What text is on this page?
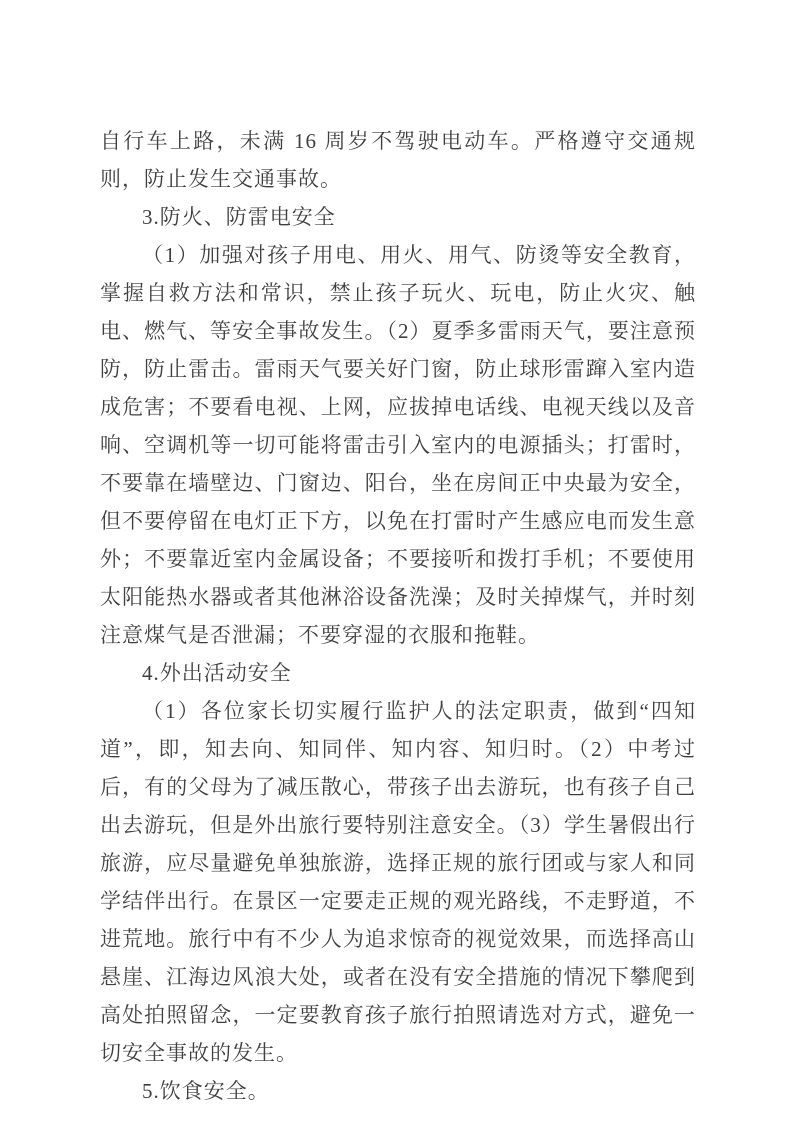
自行车上路，未满 16 周岁不驾驶电动车。严格遵守交通规则，防止发生交通事故。

3.防火、防雷电安全

（1）加强对孩子用电、用火、用气、防烫等安全教育，掌握自救方法和常识，禁止孩子玩火、玩电，防止火灾、触电、燃气、等安全事故发生。（2）夏季多雷雨天气，要注意预防，防止雷击。雷雨天气要关好门窗，防止球形雷蹿入室内造成危害；不要看电视、上网，应拔掉电话线、电视天线以及音响、空调机等一切可能将雷击引入室内的电源插头；打雷时，不要靠在墙壁边、门窗边、阳台，坐在房间正中央最为安全，但不要停留在电灯正下方，以免在打雷时产生感应电而发生意外；不要靠近室内金属设备；不要接听和拨打手机；不要使用太阳能热水器或者其他淋浴设备洗澡；及时关掉煤气，并时刻注意煤气是否泄漏；不要穿湿的衣服和拖鞋。

4.外出活动安全

（1）各位家长切实履行监护人的法定职责，做到“四知道”，即，知去向、知同伴、知内容、知归时。（2）中考过后，有的父母为了减压散心，带孩子出去游玩，也有孩子自己出去游玩，但是外出旅行要特别注意安全。（3）学生暑假出行旅游，应尽量避免单独旅游，选择正规的旅行团或与家人和同学结伴出行。在景区一定要走正规的观光路线，不走野道，不进荒地。旅行中有不少人为追求惊奇的视觉效果，而选择高山悬崖、江海边风浪大处，或者在没有安全措施的情况下攀爬到高处拍照留念，一定要教育孩子旅行拍照请选对方式，避免一切安全事故的发生。

5.饮食安全。
